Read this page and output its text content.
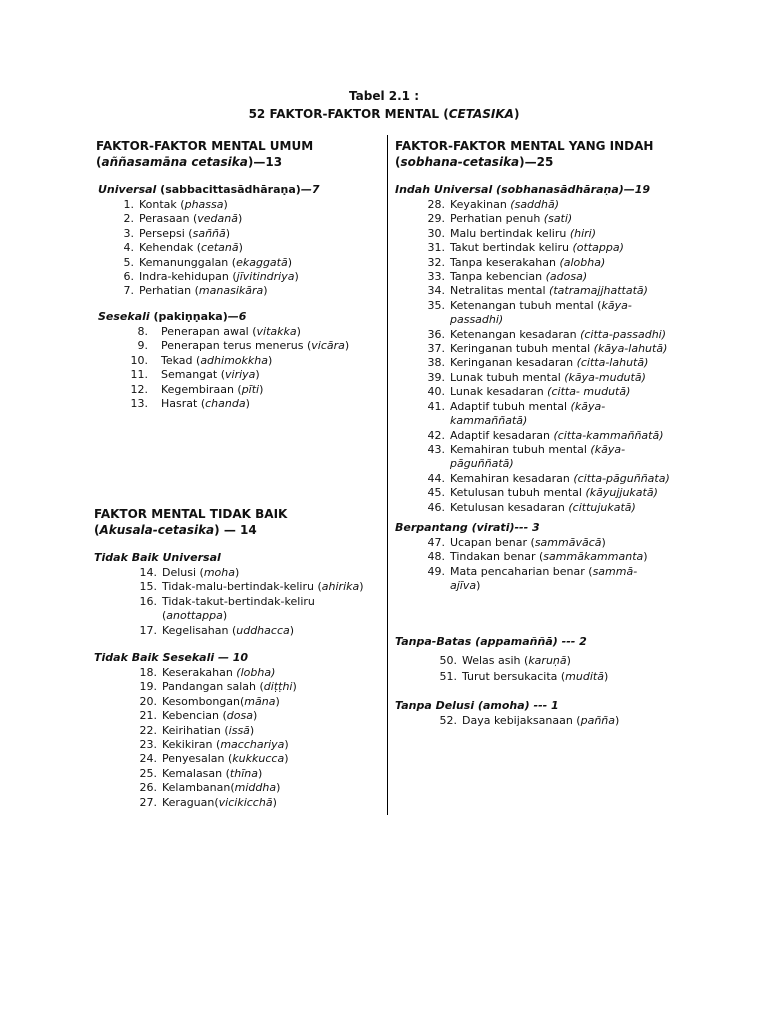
Tabel 2.1 :
52 FAKTOR-FAKTOR MENTAL (CETASIKA)
FAKTOR-FAKTOR MENTAL UMUM
(aññasamāna cetasika)—13
Universal (sabbacittasādhāraṇa)—7
1. Kontak (phassa)
2. Perasaan (vedanā)
3. Persepsi (saññā)
4. Kehendak (cetanā)
5. Kemanunggalan (ekaggatā)
6. Indra-kehidupan (jīvitindriya)
7. Perhatian (manasikāra)
Sesekali (pakiṇṇaka)—6
8.	Penerapan awal (vitakka)
9.	Penerapan terus menerus (vicāra)
10.	Tekad (adhimokkha)
11.	Semangat (viriya)
12.	Kegembiraan (pīti)
13.	Hasrat (chanda)
FAKTOR MENTAL TIDAK BAIK
(Akusala-cetasika) — 14
Tidak Baik Universal
14. Delusi (moha)
15. Tidak-malu-bertindak-keliru (ahirika)
16. Tidak-takut-bertindak-keliru
(anottappa)
17. Kegelisahan (uddhacca)
Tidak Baik Sesekali — 10
18. Keserakahan (lobha)
19. Pandangan salah (diṭṭhi)
20. Kesombongan(māna)
21. Kebencian (dosa)
22. Keirihatian (issā)
23. Kekikiran (macchariya)
24. Penyesalan (kukkucca)
25. Kemalasan (thīna)
26. Kelambanan(middha)
27. Keraguan(vicikicchā)
FAKTOR-FAKTOR MENTAL YANG INDAH
(sobhana-cetasika)—25
Indah Universal (sobhanasādhāraṇa)—19
28. Keyakinan (saddhā)
29. Perhatian penuh (sati)
30. Malu bertindak keliru (hiri)
31. Takut bertindak keliru (ottappa)
32. Tanpa keserakahan (alobha)
33. Tanpa kebencian (adosa)
34. Netralitas mental (tatramajjhattatā)
35. Ketenangan tubuh mental (kāya-
passadhi)
36. Ketenangan kesadaran (citta-passadhi)
37. Keringanan tubuh mental (kāya-lahutā)
38. Keringanan kesadaran (citta-lahutā)
39. Lunak tubuh mental (kāya-mudutā)
40. Lunak kesadaran (citta- mudutā)
41. Adaptif tubuh mental (kāya-
kammaññatā)
42. Adaptif kesadaran (citta-kammaññatā)
43. Kemahiran tubuh mental (kāya-
pāguññatā)
44. Kemahiran kesadaran (citta-pāguññata)
45. Ketulusan tubuh mental (kāyujjukatā)
46. Ketulusan kesadaran (cittujukatā)
Berpantang (virati)--- 3
47. Ucapan benar (sammāvācā)
48. Tindakan benar (sammākammanta)
49. Mata pencaharian benar (sammā-
ajīva)
Tanpa-Batas (appamaññā) --- 2
50. Welas asih (karuṇā)
51. Turut bersukacita (muditā)
Tanpa Delusi (amoha) --- 1
52. Daya kebijaksanaan (pañña)
